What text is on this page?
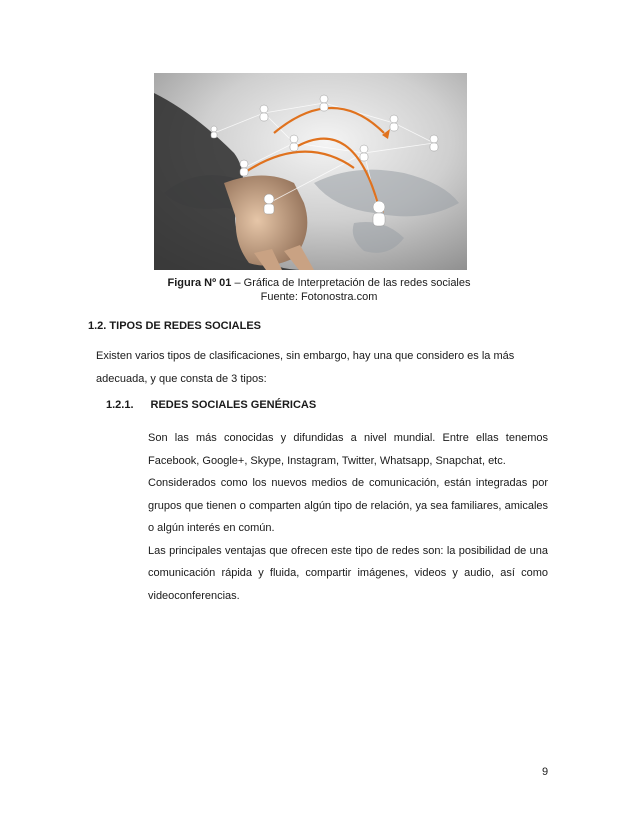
Figura Nº 01 – Gráfica de Interpretación de las redes sociales
Fuente: Fotonostra.com
1.2. TIPOS DE REDES SOCIALES
Existen varios tipos de clasificaciones, sin embargo, hay una que considero es la más adecuada, y que consta de 3 tipos:
1.2.1. REDES SOCIALES GENÉRICAS

Son las más conocidas y difundidas a nivel mundial. Entre ellas tenemos Facebook, Google+, Skype, Instagram, Twitter, Whatsapp, Snapchat, etc.

Considerados como los nuevos medios de comunicación, están integradas por grupos que tienen o comparten algún tipo de relación, ya sea familiares, amicales o algún interés en común.

Las principales ventajas que ofrecen este tipo de redes son: la posibilidad de una comunicación rápida y fluida, compartir imágenes, videos y audio, así como videoconferencias.

9
